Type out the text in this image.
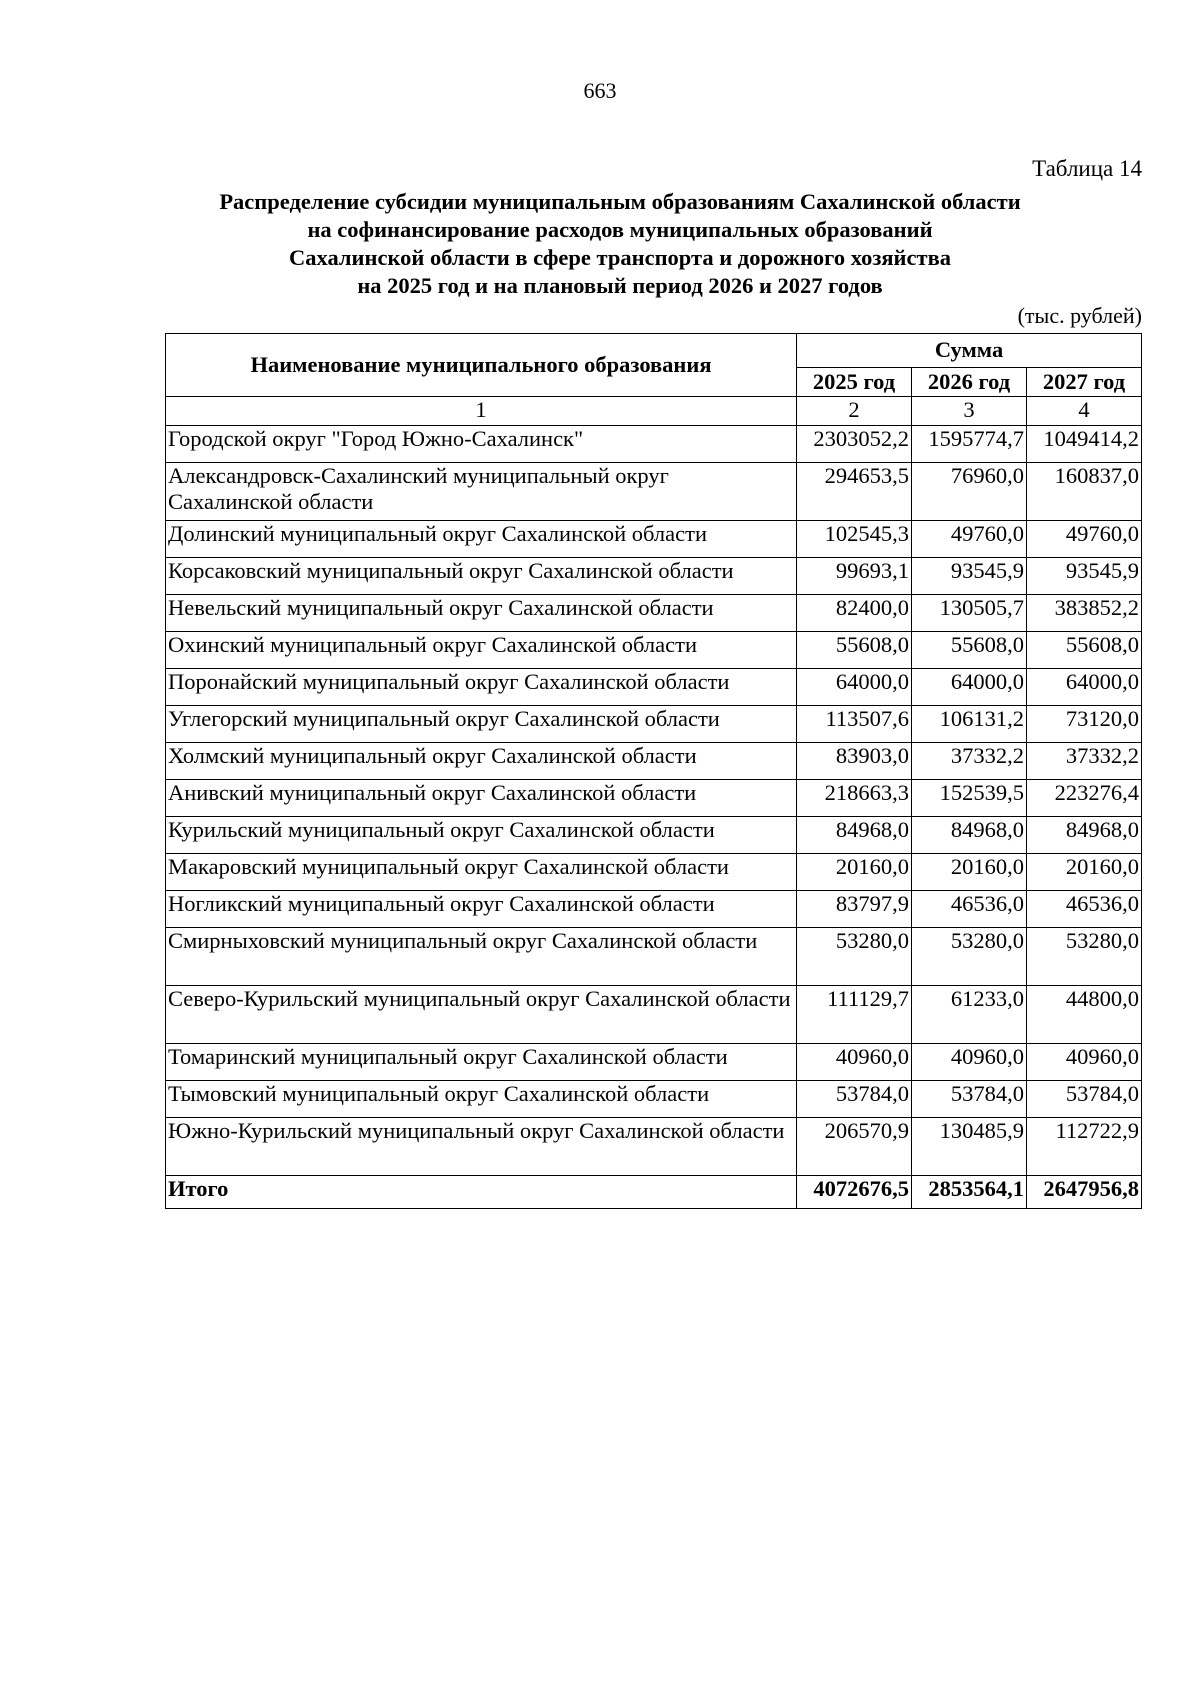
663
Таблица 14
Распределение субсидии муниципальным образованиям Сахалинской области
на софинансирование расходов муниципальных образований
Сахалинской области в сфере транспорта и дорожного хозяйства
на 2025 год и на плановый период 2026 и 2027 годов
(тыс. рублей)
Наименование муниципального образования	Сумма		
	2025 год	2026 год	2027 год
1	2	3	4
Городской округ "Город Южно-Сахалинск"	2303052,2	1595774,7	1049414,2
Александровск-Сахалинский муниципальный округ Сахалинской области	294653,5	76960,0	160837,0
Долинский муниципальный округ Сахалинской области	102545,3	49760,0	49760,0
Корсаковский муниципальный округ Сахалинской области	99693,1	93545,9	93545,9
Невельский муниципальный округ Сахалинской области	82400,0	130505,7	383852,2
Охинский муниципальный округ Сахалинской области	55608,0	55608,0	55608,0
Поронайский муниципальный округ Сахалинской области	64000,0	64000,0	64000,0
Углегорский муниципальный округ Сахалинской области	113507,6	106131,2	73120,0
Холмский муниципальный округ Сахалинской области	83903,0	37332,2	37332,2
Анивский муниципальный округ Сахалинской области	218663,3	152539,5	223276,4
Курильский муниципальный округ Сахалинской области	84968,0	84968,0	84968,0
Макаровский муниципальный округ Сахалинской области	20160,0	20160,0	20160,0
Ногликский муниципальный округ Сахалинской области	83797,9	46536,0	46536,0
Смирныховский муниципальный округ Сахалинской области	53280,0	53280,0	53280,0
Северо-Курильский муниципальный округ Сахалинской области	111129,7	61233,0	44800,0
Томаринский муниципальный округ Сахалинской области	40960,0	40960,0	40960,0
Тымовский муниципальный округ Сахалинской области	53784,0	53784,0	53784,0
Южно-Курильский муниципальный округ Сахалинской области	206570,9	130485,9	112722,9
Итого	4072676,5	2853564,1	2647956,8
